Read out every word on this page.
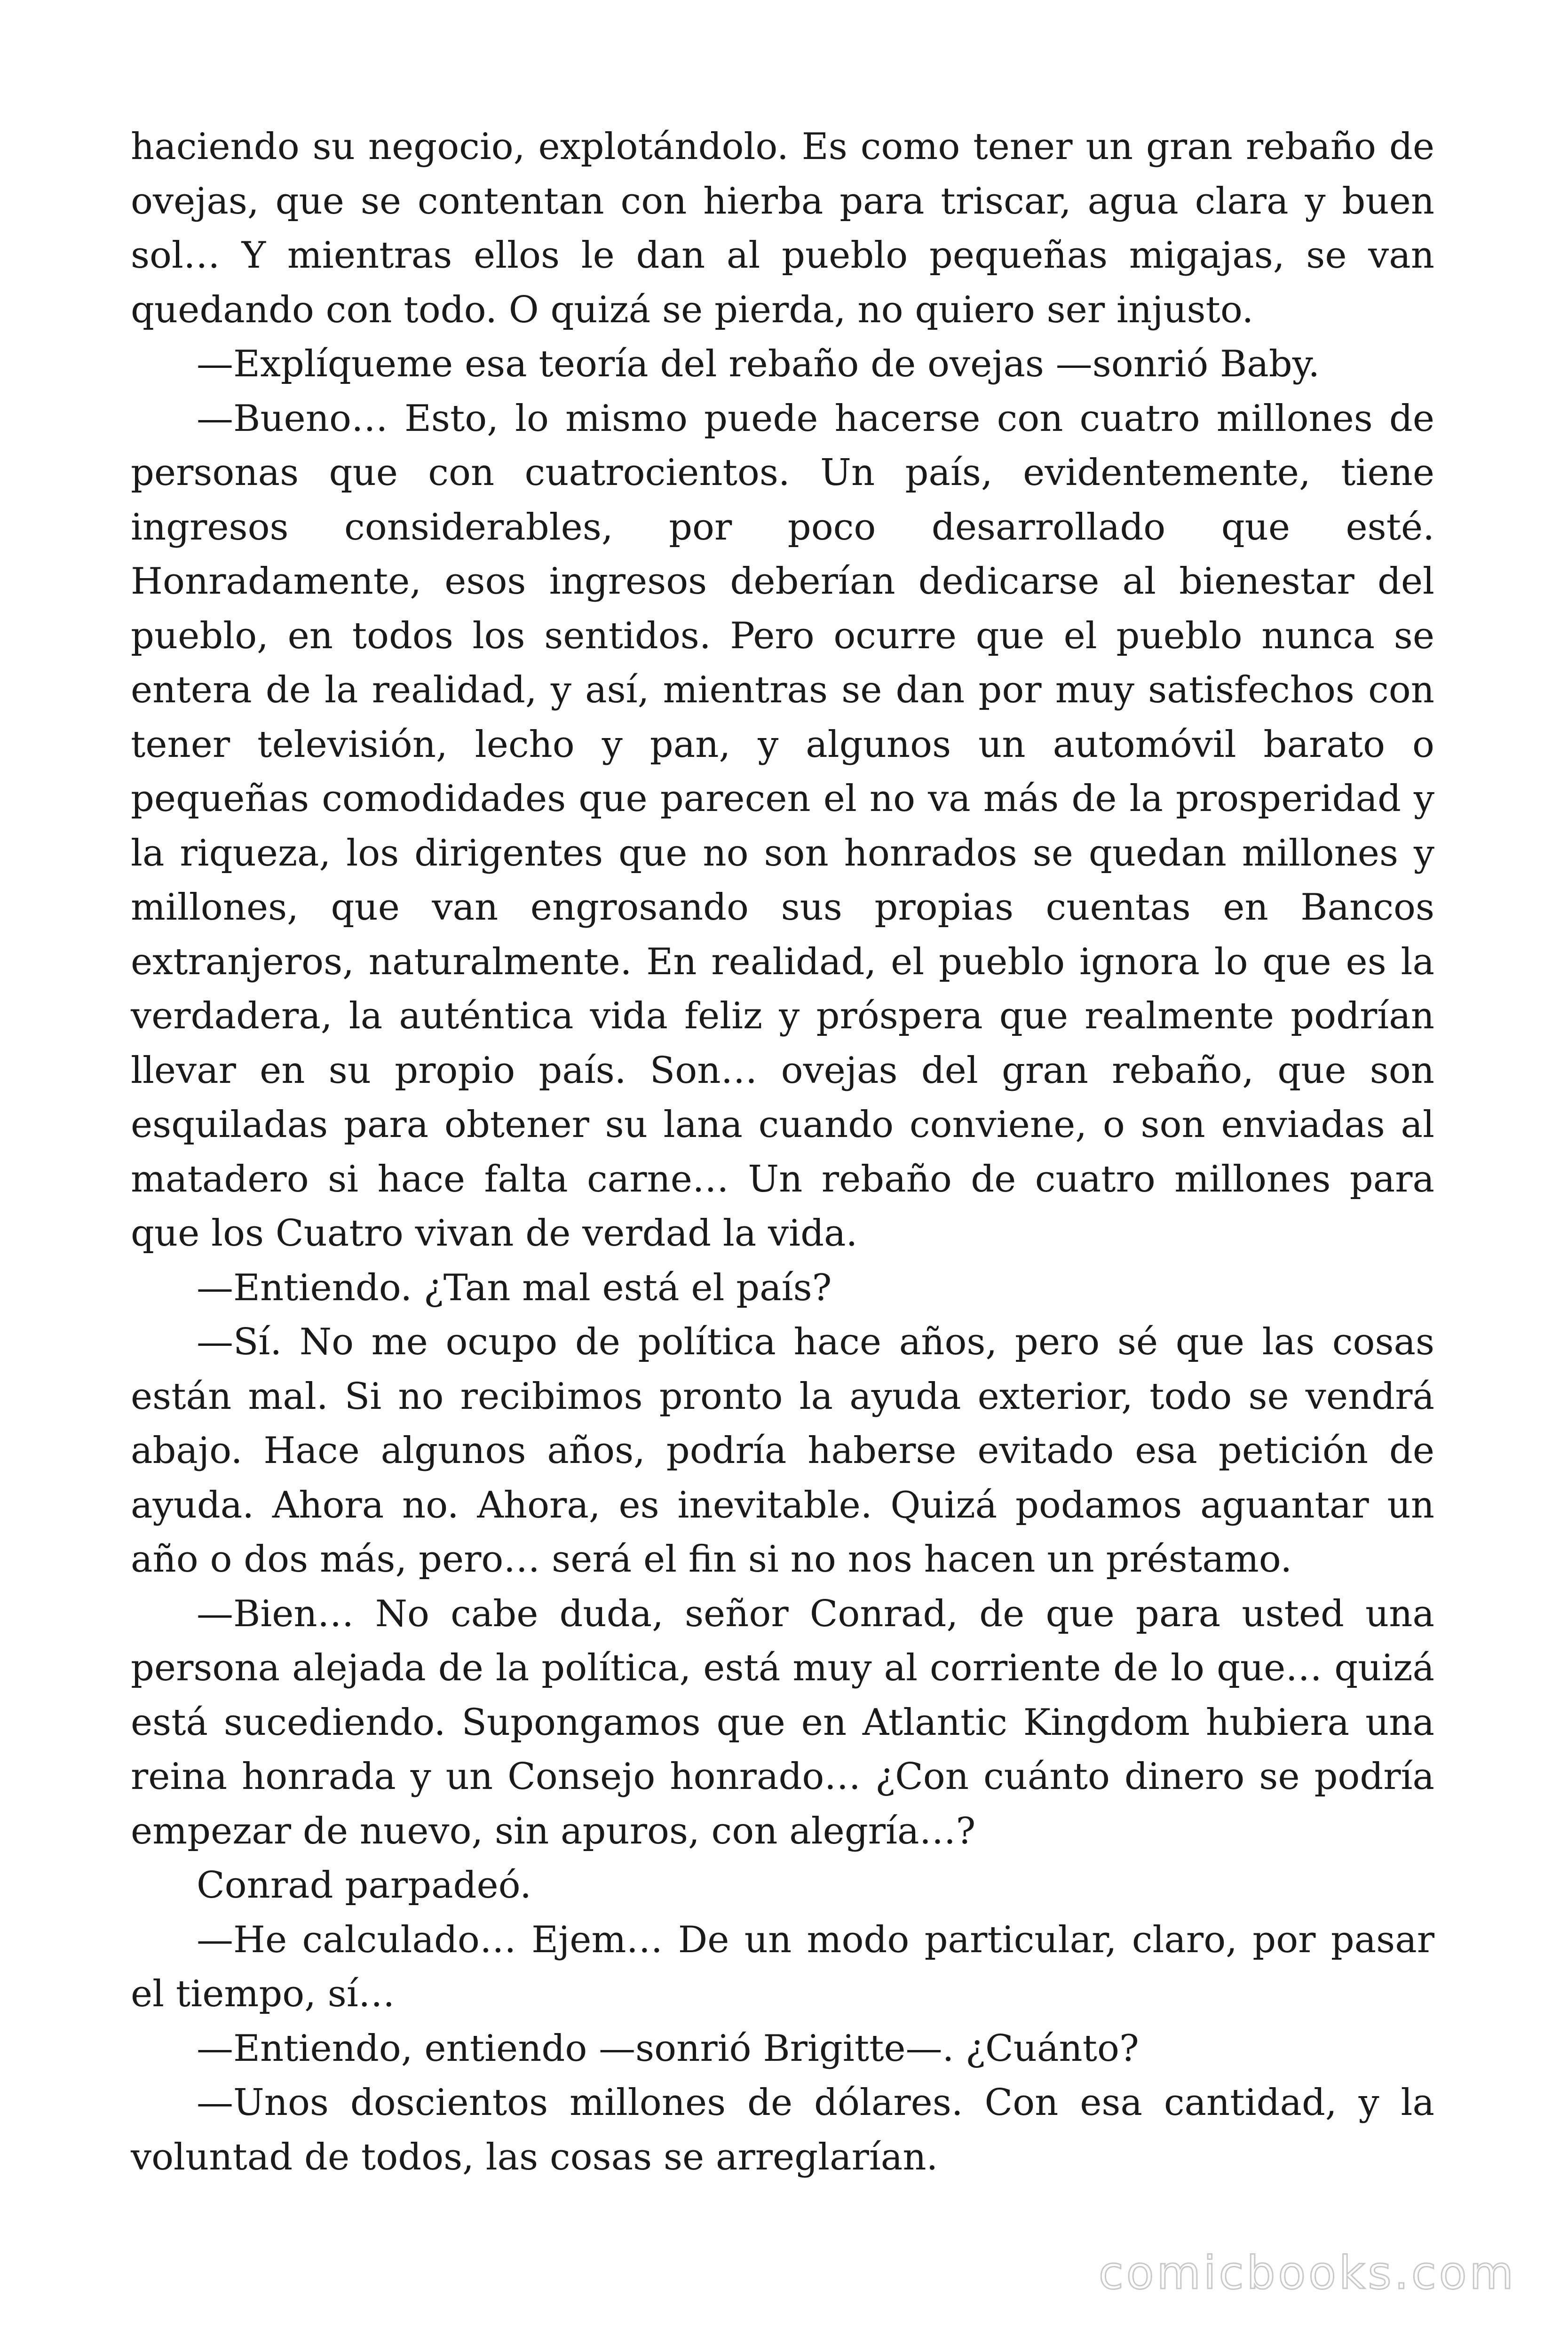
haciendo su negocio, explotándolo. Es como tener un gran rebaño de ovejas, que se contentan con hierba para triscar, agua clara y buen sol… Y mientras ellos le dan al pueblo pequeñas migajas, se van quedando con todo. O quizá se pierda, no quiero ser injusto.

—Explíqueme esa teoría del rebaño de ovejas —sonrió Baby.

—Bueno… Esto, lo mismo puede hacerse con cuatro millones de personas que con cuatrocientos. Un país, evidentemente, tiene ingresos considerables, por poco desarrollado que esté. Honradamente, esos ingresos deberían dedicarse al bienestar del pueblo, en todos los sentidos. Pero ocurre que el pueblo nunca se entera de la realidad, y así, mientras se dan por muy satisfechos con tener televisión, lecho y pan, y algunos un automóvil barato o pequeñas comodidades que parecen el no va más de la prosperidad y la riqueza, los dirigentes que no son honrados se quedan millones y millones, que van engrosando sus propias cuentas en Bancos extranjeros, naturalmente. En realidad, el pueblo ignora lo que es la verdadera, la auténtica vida feliz y próspera que realmente podrían llevar en su propio país. Son… ovejas del gran rebaño, que son esquiladas para obtener su lana cuando conviene, o son enviadas al matadero si hace falta carne… Un rebaño de cuatro millones para que los Cuatro vivan de verdad la vida.

—Entiendo. ¿Tan mal está el país?

—Sí. No me ocupo de política hace años, pero sé que las cosas están mal. Si no recibimos pronto la ayuda exterior, todo se vendrá abajo. Hace algunos años, podría haberse evitado esa petición de ayuda. Ahora no. Ahora, es inevitable. Quizá podamos aguantar un año o dos más, pero… será el fin si no nos hacen un préstamo.

—Bien… No cabe duda, señor Conrad, de que para usted una persona alejada de la política, está muy al corriente de lo que… quizá está sucediendo. Supongamos que en Atlantic Kingdom hubiera una reina honrada y un Consejo honrado… ¿Con cuánto dinero se podría empezar de nuevo, sin apuros, con alegría…?

Conrad parpadeó.

—He calculado… Ejem… De un modo particular, claro, por pasar el tiempo, sí…

—Entiendo, entiendo —sonrió Brigitte—. ¿Cuánto?

—Unos doscientos millones de dólares. Con esa cantidad, y la voluntad de todos, las cosas se arreglarían.

comicbooks.com
